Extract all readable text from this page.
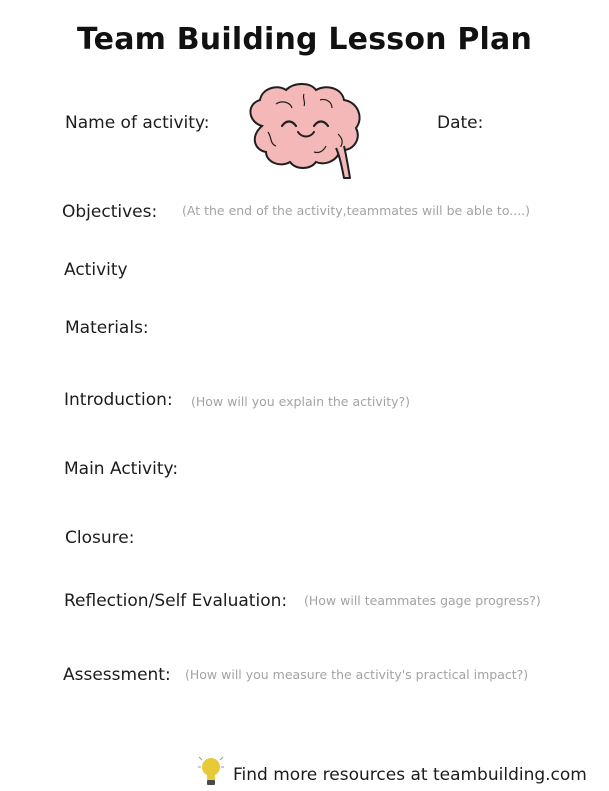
Team Building Lesson Plan
Name of activity:	Date:
Objectives: (At the end of the activity,teammates will be able to....)
Activity
Materials:
Introduction: (How will you explain the activity?)
Main Activity:
Closure:
Reflection/Self Evaluation: (How will teammates gage progress?)
Assessment: (How will you measure the activity's practical impact?)
Find more resources at teambuilding.com
